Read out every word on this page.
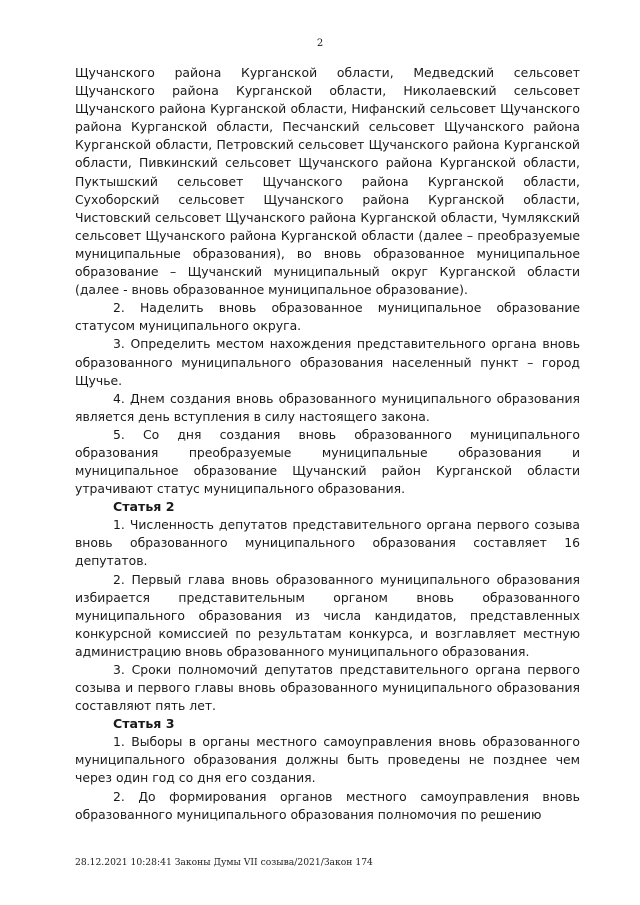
2

Щучанского района Курганской области, Медведский сельсовет Щучанского района Курганской области, Николаевский сельсовет Щучанского района Курганской области, Нифанский сельсовет Щучанского района Курганской области, Песчанский сельсовет Щучанского района Курганской области, Петровский сельсовет Щучанского района Курганской области, Пивкинский сельсовет Щучанского района Курганской области, Пуктышский сельсовет Щучанского района Курганской области, Сухоборский сельсовет Щучанского района Курганской области, Чистовский сельсовет Щучанского района Курганской области, Чумлякский сельсовет Щучанского района Курганской области (далее – преобразуемые муниципальные образования), во вновь образованное муниципальное образование – Щучанский муниципальный округ Курганской области (далее - вновь образованное муниципальное образование).

2. Наделить вновь образованное муниципальное образование статусом муниципального округа.

3. Определить местом нахождения представительного органа вновь образованного муниципального образования населенный пункт – город Щучье.

4. Днем создания вновь образованного муниципального образования является день вступления в силу настоящего закона.

5. Со дня создания вновь образованного муниципального образования преобразуемые муниципальные образования и муниципальное образование Щучанский район Курганской области утрачивают статус муниципального образования.

Статья 2

1. Численность депутатов представительного органа первого созыва вновь образованного муниципального образования составляет 16 депутатов.

2. Первый глава вновь образованного муниципального образования избирается представительным органом вновь образованного муниципального образования из числа кандидатов, представленных конкурсной комиссией по результатам конкурса, и возглавляет местную администрацию вновь образованного муниципального образования.

3. Сроки полномочий депутатов представительного органа первого созыва и первого главы вновь образованного муниципального образования составляют пять лет.

Статья 3

1. Выборы в органы местного самоуправления вновь образованного муниципального образования должны быть проведены не позднее чем через один год со дня его создания.

2. До формирования органов местного самоуправления вновь образованного муниципального образования полномочия по решению

28.12.2021 10:28:41 Законы Думы VII созыва/2021/Закон 174
